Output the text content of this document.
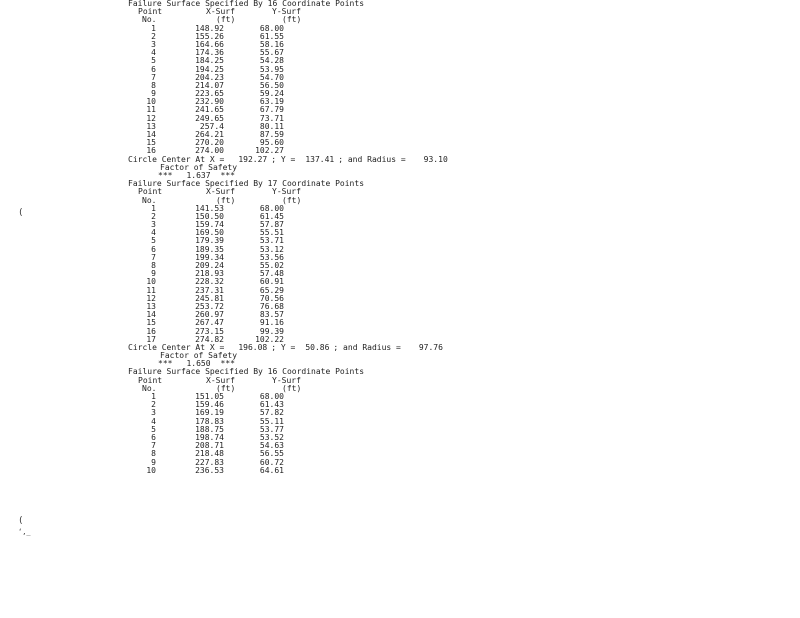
(
(
‘‚_
Failure Surface Specified By 16 Coordinate Points
Point	X-Surf	Y-Surf
No.	(ft)	(ft)
1	148.92	68.00
2	155.26	61.55
3	164.66	58.16
4	174.36	55.67
5	184.25	54.28
6	194.25	53.95
7	204.23	54.70
8	214.07	56.50
9	223.65	59.24
10	232.90	63.19
11	241.65	67.79
12	249.65	73.71
13	257.4	80.11
14	264.21	87.59
15	270.20	95.60
16	274.00	102.27
Circle Center At X = 192.27 ; Y = 137.41 ; and Radius = 93.10
Factor of Safety
*** 1.637 ***
Failure Surface Specified By 17 Coordinate Points
Point	X-Surf	Y-Surf
No.	(ft)	(ft)
1	141.53	68.00
2	150.50	61.45
3	159.74	57.87
4	169.50	55.51
5	179.39	53.71
6	189.35	53.12
7	199.34	53.56
8	209.24	55.02
9	218.93	57.48
10	228.32	60.91
11	237.31	65.29
12	245.81	70.56
13	253.72	76.68
14	260.97	83.57
15	267.47	91.16
16	273.15	99.39
17	274.82	102.22
Circle Center At X = 196.08 ; Y = 50.86 ; and Radius = 97.76
Factor of Safety
*** 1.650 ***
Failure Surface Specified By 16 Coordinate Points
Point	X-Surf	Y-Surf
No.	(ft)	(ft)
1	151.05	68.00
2	159.46	61.43
3	169.19	57.82
4	178.83	55.11
5	188.75	53.77
6	198.74	53.52
7	208.71	54.63
8	218.48	56.55
9	227.83	60.72
10	236.53	64.61
